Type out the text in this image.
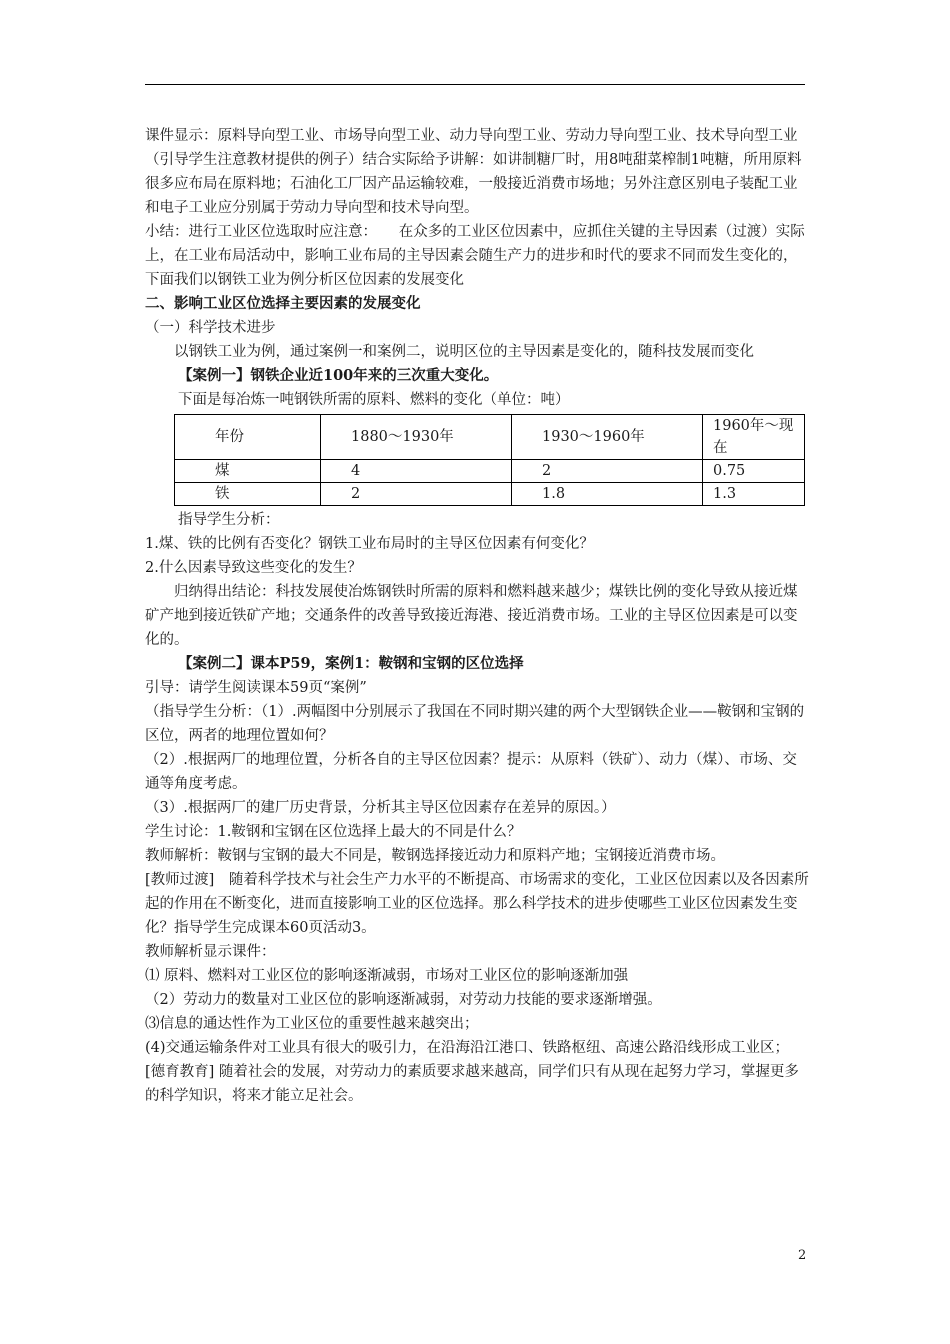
课件显示：原料导向型工业、市场导向型工业、动力导向型工业、劳动力导向型工业、技术导向型工业

（引导学生注意教材提供的例子）结合实际给予讲解：如讲制糖厂时，用8吨甜菜榨制1吨糖，所用原料很多应布局在原料地；石油化工厂因产品运输较难，一般接近消费市场地；另外注意区别电子装配工业和电子工业应分别属于劳动力导向型和技术导向型。

小结：进行工业区位选取时应注意：　　在众多的工业区位因素中，应抓住关键的主导因素（过渡）实际上，在工业布局活动中，影响工业布局的主导因素会随生产力的进步和时代的要求不同而发生变化的，下面我们以钢铁工业为例分析区位因素的发展变化

二、影响工业区位选择主要因素的发展变化

（一）科学技术进步

以钢铁工业为例，通过案例一和案例二，说明区位的主导因素是变化的，随科技发展而变化

【案例一】钢铁企业近100年来的三次重大变化。

下面是每冶炼一吨钢铁所需的原料、燃料的变化（单位：吨）

年份	1880～1930年	1930～1960年	1960年～现在
煤	4	2	0.75
铁	2	1.8	1.3

指导学生分析：

1.煤、铁的比例有否变化？钢铁工业布局时的主导区位因素有何变化？

2.什么因素导致这些变化的发生？

归纳得出结论：科技发展使冶炼钢铁时所需的原料和燃料越来越少；煤铁比例的变化导致从接近煤矿产地到接近铁矿产地；交通条件的改善导致接近海港、接近消费市场。工业的主导区位因素是可以变化的。

【案例二】课本P59，案例1：鞍钢和宝钢的区位选择

引导：请学生阅读课本59页“案例”

（指导学生分析：（1）.两幅图中分别展示了我国在不同时期兴建的两个大型钢铁企业——鞍钢和宝钢的区位，两者的地理位置如何？

（2）.根据两厂的地理位置，分析各自的主导区位因素？提示：从原料（铁矿）、动力（煤）、市场、交通等角度考虑。

（3）.根据两厂的建厂历史背景，分析其主导区位因素存在差异的原因。）

学生讨论：1.鞍钢和宝钢在区位选择上最大的不同是什么？

教师解析：鞍钢与宝钢的最大不同是，鞍钢选择接近动力和原料产地；宝钢接近消费市场。

[教师过渡]　随着科学技术与社会生产力水平的不断提高、市场需求的变化，工业区位因素以及各因素所起的作用在不断变化，进而直接影响工业的区位选择。那么科学技术的进步使哪些工业区位因素发生变化？指导学生完成课本60页活动3。

教师解析显示课件：

⑴ 原料、燃料对工业区位的影响逐渐减弱，市场对工业区位的影响逐渐加强

（2）劳动力的数量对工业区位的影响逐渐减弱，对劳动力技能的要求逐渐增强。

⑶信息的通达性作为工业区位的重要性越来越突出；

(4)交通运输条件对工业具有很大的吸引力，在沿海沿江港口、铁路枢纽、高速公路沿线形成工业区；

[德育教育] 随着社会的发展，对劳动力的素质要求越来越高，同学们只有从现在起努力学习，掌握更多的科学知识，将来才能立足社会。

2
